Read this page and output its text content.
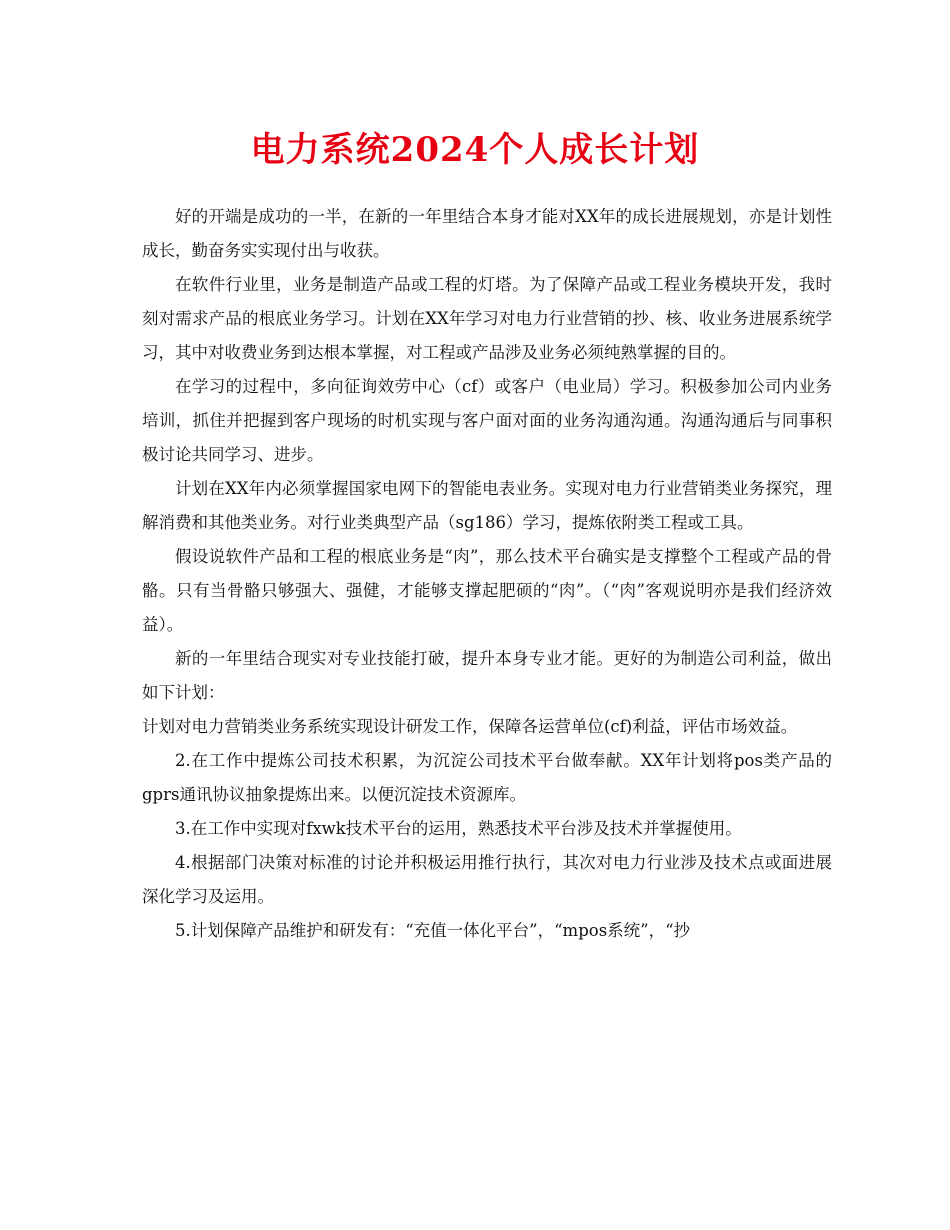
电力系统2024个人成长计划

好的开端是成功的一半，在新的一年里结合本身才能对XX年的成长进展规划，亦是计划性成长，勤奋务实实现付出与收获。

在软件行业里，业务是制造产品或工程的灯塔。为了保障产品或工程业务模块开发，我时刻对需求产品的根底业务学习。计划在XX年学习对电力行业营销的抄、核、收业务进展系统学习，其中对收费业务到达根本掌握，对工程或产品涉及业务必须纯熟掌握的目的。

在学习的过程中，多向征询效劳中心（cf）或客户（电业局）学习。积极参加公司内业务培训，抓住并把握到客户现场的时机实现与客户面对面的业务沟通沟通。沟通沟通后与同事积极讨论共同学习、进步。

计划在XX年内必须掌握国家电网下的智能电表业务。实现对电力行业营销类业务探究，理解消费和其他类业务。对行业类典型产品（sg186）学习，提炼依附类工程或工具。

假设说软件产品和工程的根底业务是“肉”，那么技术平台确实是支撑整个工程或产品的骨骼。只有当骨骼只够强大、强健，才能够支撑起肥硕的“肉”。（“肉”客观说明亦是我们经济效益）。

新的一年里结合现实对专业技能打破，提升本身专业才能。更好的为制造公司利益，做出如下计划：

计划对电力营销类业务系统实现设计研发工作，保障各运营单位(cf)利益，评估市场效益。

2.在工作中提炼公司技术积累，为沉淀公司技术平台做奉献。XX年计划将pos类产品的gprs通讯协议抽象提炼出来。以便沉淀技术资源库。

3.在工作中实现对fxwk技术平台的运用，熟悉技术平台涉及技术并掌握使用。

4.根据部门决策对标准的讨论并积极运用推行执行，其次对电力行业涉及技术点或面进展深化学习及运用。

5.计划保障产品维护和研发有：“充值一体化平台”，“mpos系统”，“抄
